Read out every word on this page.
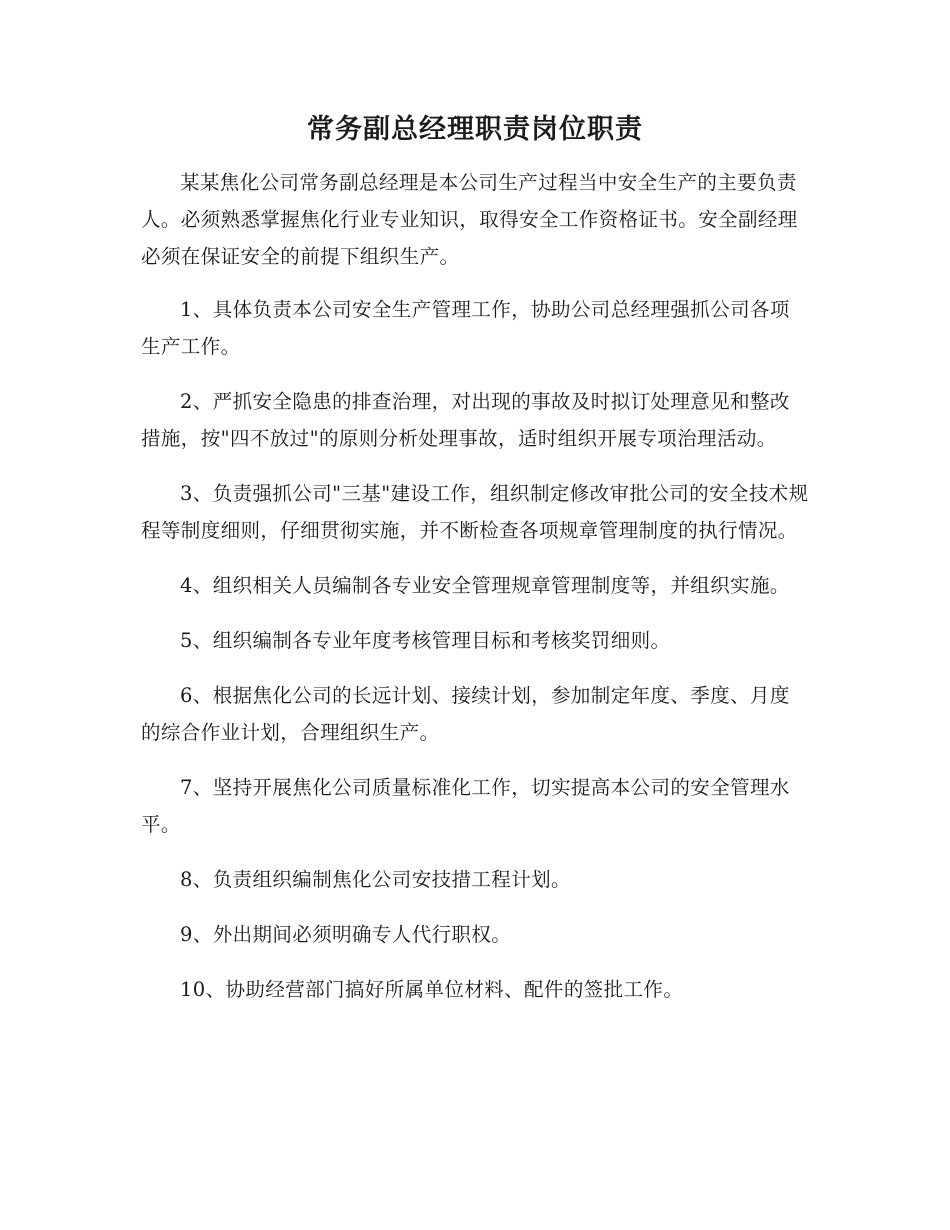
常务副总经理职责岗位职责

某某焦化公司常务副总经理是本公司生产过程当中安全生产的主要负责人。必须熟悉掌握焦化行业专业知识，取得安全工作资格证书。安全副经理必须在保证安全的前提下组织生产。

1、具体负责本公司安全生产管理工作，协助公司总经理强抓公司各项生产工作。

2、严抓安全隐患的排查治理，对出现的事故及时拟订处理意见和整改措施，按"四不放过"的原则分析处理事故，适时组织开展专项治理活动。

3、负责强抓公司"三基"建设工作，组织制定修改审批公司的安全技术规程等制度细则，仔细贯彻实施，并不断检查各项规章管理制度的执行情况。

4、组织相关人员编制各专业安全管理规章管理制度等，并组织实施。

5、组织编制各专业年度考核管理目标和考核奖罚细则。

6、根据焦化公司的长远计划、接续计划，参加制定年度、季度、月度的综合作业计划，合理组织生产。

7、坚持开展焦化公司质量标准化工作，切实提高本公司的安全管理水平。

8、负责组织编制焦化公司安技措工程计划。

9、外出期间必须明确专人代行职权。

10、协助经营部门搞好所属单位材料、配件的签批工作。
